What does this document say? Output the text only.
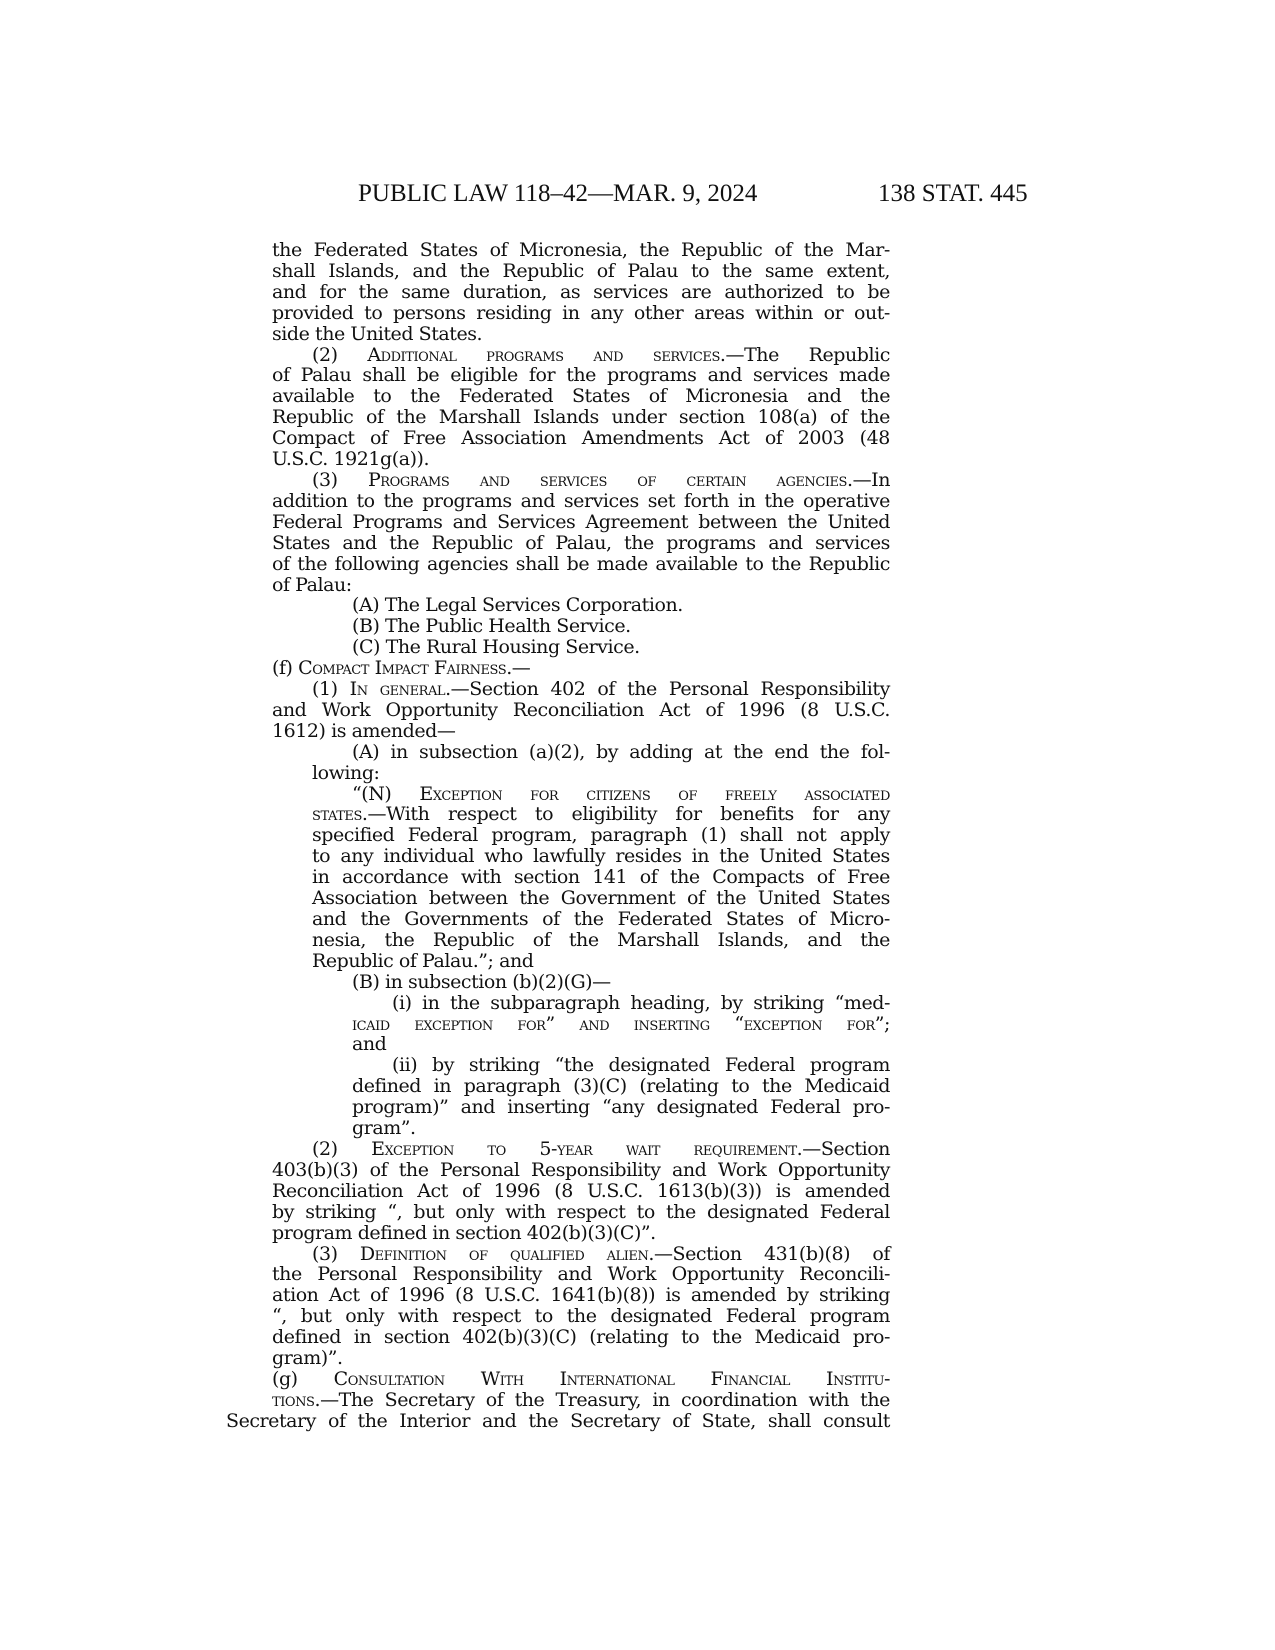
PUBLIC LAW 118–42—MAR. 9, 2024	138 STAT. 445
the Federated States of Micronesia, the Republic of the Mar-
shall Islands, and the Republic of Palau to the same extent,
and for the same duration, as services are authorized to be
provided to persons residing in any other areas within or out-
side the United States.
(2) Additional programs and services.—The Republic
of Palau shall be eligible for the programs and services made
available to the Federated States of Micronesia and the
Republic of the Marshall Islands under section 108(a) of the
Compact of Free Association Amendments Act of 2003 (48
U.S.C. 1921g(a)).
(3) Programs and services of certain agencies.—In
addition to the programs and services set forth in the operative
Federal Programs and Services Agreement between the United
States and the Republic of Palau, the programs and services
of the following agencies shall be made available to the Republic
of Palau:
(A) The Legal Services Corporation.
(B) The Public Health Service.
(C) The Rural Housing Service.
(f) Compact Impact Fairness.—
(1) In general.—Section 402 of the Personal Responsibility
and Work Opportunity Reconciliation Act of 1996 (8 U.S.C.
1612) is amended—
(A) in subsection (a)(2), by adding at the end the fol-
lowing:
“(N) Exception for citizens of freely associated
states.—With respect to eligibility for benefits for any
specified Federal program, paragraph (1) shall not apply
to any individual who lawfully resides in the United States
in accordance with section 141 of the Compacts of Free
Association between the Government of the United States
and the Governments of the Federated States of Micro-
nesia, the Republic of the Marshall Islands, and the
Republic of Palau.”; and
(B) in subsection (b)(2)(G)—
(i) in the subparagraph heading, by striking “med-
icaid exception for” and inserting “exception for”;
and
(ii) by striking “the designated Federal program
defined in paragraph (3)(C) (relating to the Medicaid
program)” and inserting “any designated Federal pro-
gram”.
(2) Exception to 5-year wait requirement.—Section
403(b)(3) of the Personal Responsibility and Work Opportunity
Reconciliation Act of 1996 (8 U.S.C. 1613(b)(3)) is amended
by striking “, but only with respect to the designated Federal
program defined in section 402(b)(3)(C)”.
(3) Definition of qualified alien.—Section 431(b)(8) of
the Personal Responsibility and Work Opportunity Reconcili-
ation Act of 1996 (8 U.S.C. 1641(b)(8)) is amended by striking
“, but only with respect to the designated Federal program
defined in section 402(b)(3)(C) (relating to the Medicaid pro-
gram)”.
(g) Consultation With International Financial Institu-
tions.—The Secretary of the Treasury, in coordination with the
Secretary of the Interior and the Secretary of State, shall consult
